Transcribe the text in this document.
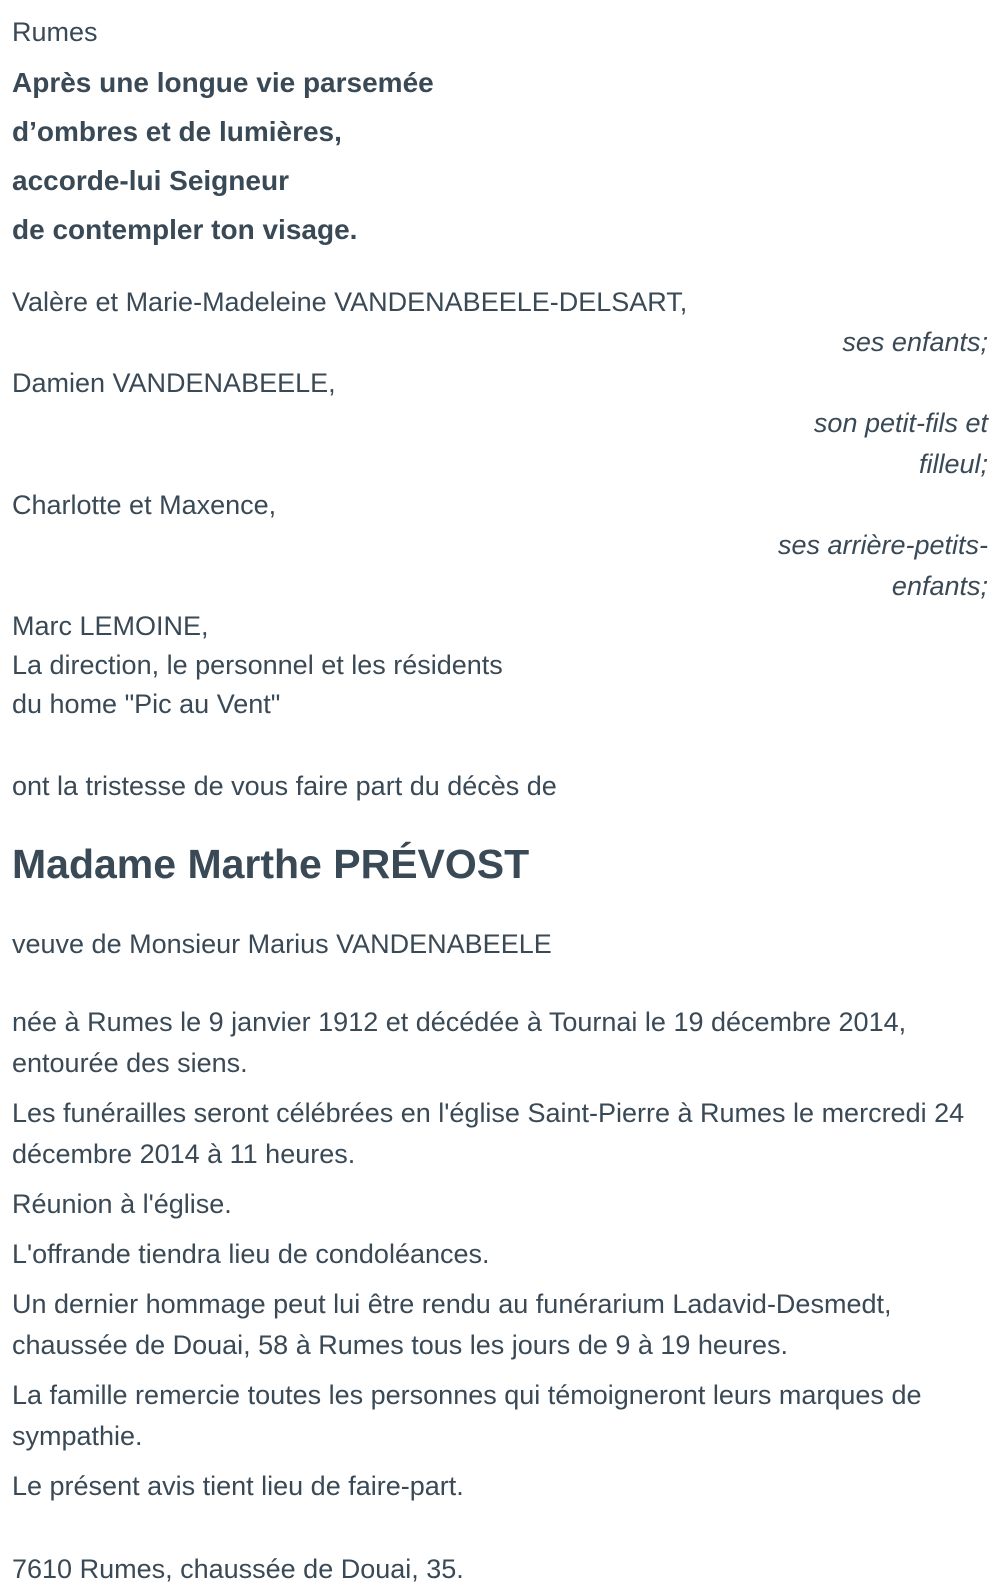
Rumes

Après une longue vie parsemée

d’ombres et de lumières,

accorde-lui Seigneur

de contempler ton visage.

Valère et Marie-Madeleine VANDENABEELE-DELSART,

ses enfants;

Damien VANDENABEELE,

son petit-fils et filleul;

Charlotte et Maxence,

ses arrière-petits-enfants;

Marc LEMOINE,

La direction, le personnel et les résidents

du home "Pic au Vent"

ont la tristesse de vous faire part du décès de

Madame Marthe PRÉVOST

veuve de Monsieur Marius VANDENABEELE

née à Rumes le 9 janvier 1912 et décédée à Tournai le 19 décembre 2014, entourée des siens.

Les funérailles seront célébrées en l'église Saint-Pierre à Rumes le mercredi 24 décembre 2014 à 11 heures.

Réunion à l'église.

L'offrande tiendra lieu de condoléances.

Un dernier hommage peut lui être rendu au funérarium Ladavid-Desmedt, chaussée de Douai, 58 à Rumes tous les jours de 9 à 19 heures.

La famille remercie toutes les personnes qui témoigneront leurs marques de sympathie.

Le présent avis tient lieu de faire-part.

7610 Rumes, chaussée de Douai, 35.
